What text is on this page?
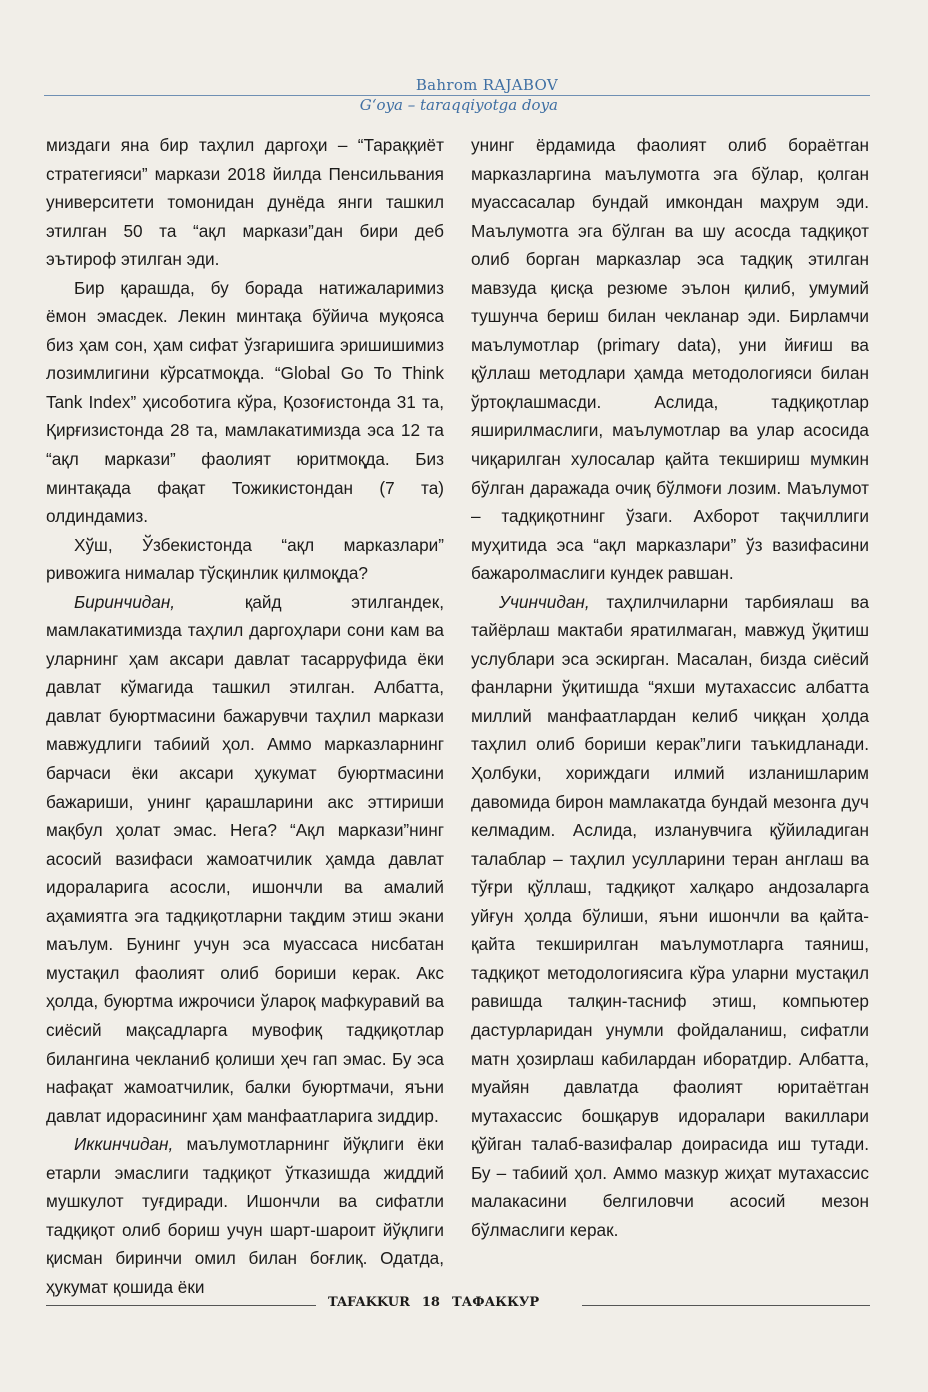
Bahrom RAJABOV
G‘oya – taraqqiyotga doya

миздаги яна бир таҳлил даргоҳи – “Тараққиёт стратегияси” маркази 2018 йилда Пенсильвания университети томонидан дунёда янги ташкил этилган 50 та “ақл маркази”дан бири деб эътироф этилган эди.

Бир қарашда, бу борада натижаларимиз ёмон эмасдек. Лекин минтақа бўйича муқояса биз ҳам сон, ҳам сифат ўзгаришига эришишимиз лозимлигини кўрсатмоқда. “Global Go To Think Tank Index” ҳисоботига кўра, Қозоғистонда 31 та, Қирғизистонда 28 та, мамлакатимизда эса 12 та “ақл маркази” фаолият юритмоқда. Биз минтақада фақат Тожикистондан (7 та) олдиндамиз.

Хўш, Ўзбекистонда “ақл марказлари” ривожига нималар тўсқинлик қилмоқда?

Биринчидан, қайд этилгандек, мамлакатимизда таҳлил даргоҳлари сони кам ва уларнинг ҳам аксари давлат тасарруфида ёки давлат кўмагида ташкил этилган. Албатта, давлат буюртмасини бажарувчи таҳлил маркази мавжудлиги табиий ҳол. Аммо марказларнинг барчаси ёки аксари ҳукумат буюртмасини бажариши, унинг қарашларини акс эттириши мақбул ҳолат эмас. Нега? “Ақл маркази”нинг асосий вазифаси жамоатчилик ҳамда давлат идораларига асосли, ишончли ва амалий аҳамиятга эга тадқиқотларни тақдим этиш экани маълум. Бунинг учун эса муассаса нисбатан мустақил фаолият олиб бориши керак. Акс ҳолда, буюртма ижрочиси ўлароқ мафкуравий ва сиёсий мақсадларга мувофиқ тадқиқотлар билангина чекланиб қолиши ҳеч гап эмас. Бу эса нафақат жамоатчилик, балки буюртмачи, яъни давлат идорасининг ҳам манфаатларига зиддир.

Иккинчидан, маълумотларнинг йўқлиги ёки етарли эмаслиги тадқиқот ўтказишда жиддий мушкулот туғдиради. Ишончли ва сифатли тадқиқот олиб бориш учун шарт-шароит йўқлиги қисман биринчи омил билан боғлиқ. Одатда, ҳукумат қошида ёки

унинг ёрдамида фаолият олиб бораётган марказларгина маълумотга эга бўлар, қолган муассасалар бундай имкондан маҳрум эди. Маълумотга эга бўлган ва шу асосда тадқиқот олиб борган марказлар эса тадқиқ этилган мавзуда қисқа резюме эълон қилиб, умумий тушунча бериш билан чекланар эди. Бирламчи маълумотлар (primary data), уни йиғиш ва қўллаш методлари ҳамда методологияси билан ўртоқлашмасди. Аслида, тадқиқотлар яширилмаслиги, маълумотлар ва улар асосида чиқарилган хулосалар қайта текшириш мумкин бўлган даражада очиқ бўлмоғи лозим. Маълумот – тадқиқотнинг ўзаги. Ахборот тақчиллиги муҳитида эса “ақл марказлари” ўз вазифасини бажаролмаслиги кундек равшан.

Учинчидан, таҳлилчиларни тарбиялаш ва тайёрлаш мактаби яратилмаган, мавжуд ўқитиш услублари эса эскирган. Масалан, бизда сиёсий фанларни ўқитишда “яхши мутахассис албатта миллий манфаатлардан келиб чиққан ҳолда таҳлил олиб бориши керак”лиги таъкидланади. Ҳолбуки, хориждаги илмий изланишларим давомида бирон мамлакатда бундай мезонга дуч келмадим. Аслида, изланувчига қўйиладиган талаблар – таҳлил усулларини теран англаш ва тўғри қўллаш, тадқиқот халқаро андозаларга уйғун ҳолда бўлиши, яъни ишончли ва қайта-қайта текширилган маълумотларга таяниш, тадқиқот методологиясига кўра уларни мустақил равишда талқин-тасниф этиш, компьютер дастурларидан унумли фойдаланиш, сифатли матн ҳозирлаш кабилардан иборатдир. Албатта, муайян давлатда фаолият юритаётган мутахассис бошқарув идоралари вакиллари қўйган талаб-вазифалар доирасида иш тутади. Бу – табиий ҳол. Аммо мазкур жиҳат мутахассис малакасини белгиловчи асосий мезон бўлмаслиги керак.

TAFAKKUR 18 ТАФАККУР
